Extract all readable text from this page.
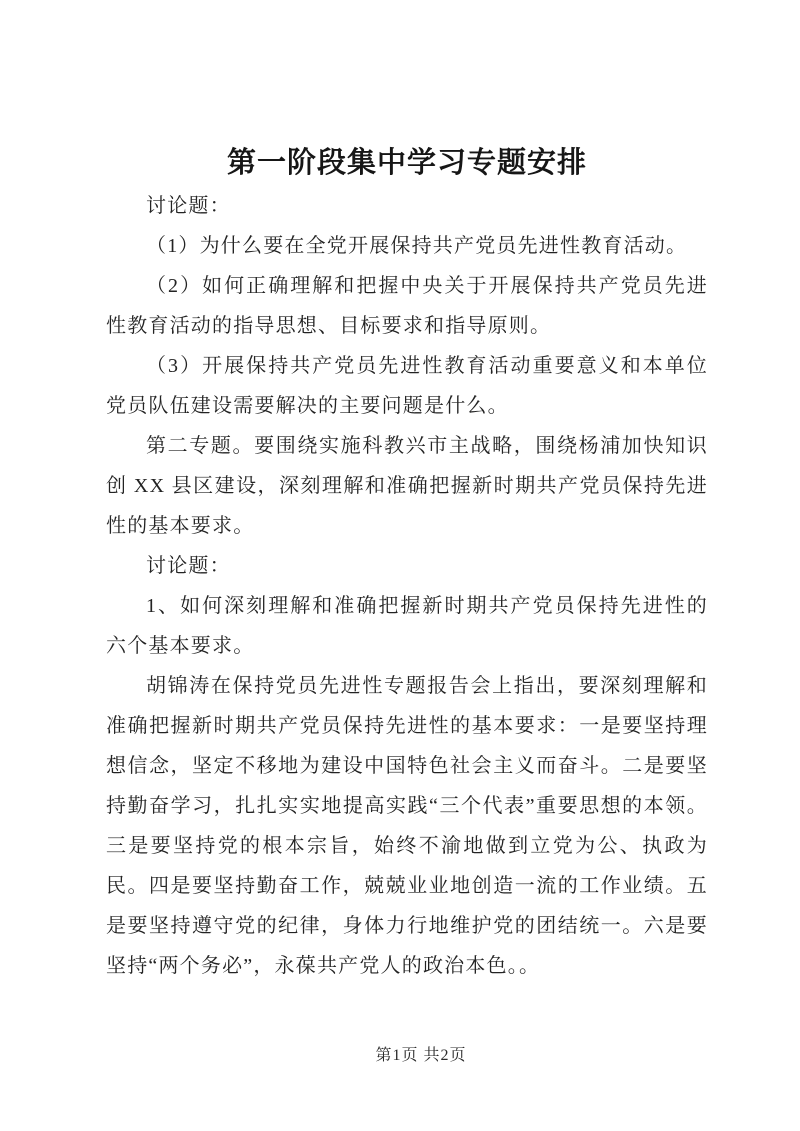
第一阶段集中学习专题安排

讨论题：

（1）为什么要在全党开展保持共产党员先进性教育活动。

（2）如何正确理解和把握中央关于开展保持共产党员先进性教育活动的指导思想、目标要求和指导原则。

（3）开展保持共产党员先进性教育活动重要意义和本单位党员队伍建设需要解决的主要问题是什么。

第二专题。要围绕实施科教兴市主战略，围绕杨浦加快知识创 XX 县区建设，深刻理解和准确把握新时期共产党员保持先进性的基本要求。

讨论题：

1、如何深刻理解和准确把握新时期共产党员保持先进性的六个基本要求。

胡锦涛在保持党员先进性专题报告会上指出，要深刻理解和准确把握新时期共产党员保持先进性的基本要求：一是要坚持理想信念，坚定不移地为建设中国特色社会主义而奋斗。二是要坚持勤奋学习，扎扎实实地提高实践“三个代表”重要思想的本领。三是要坚持党的根本宗旨，始终不渝地做到立党为公、执政为民。四是要坚持勤奋工作，兢兢业业地创造一流的工作业绩。五是要坚持遵守党的纪律，身体力行地维护党的团结统一。六是要坚持“两个务必”，永葆共产党人的政治本色。。

第1页 共2页
